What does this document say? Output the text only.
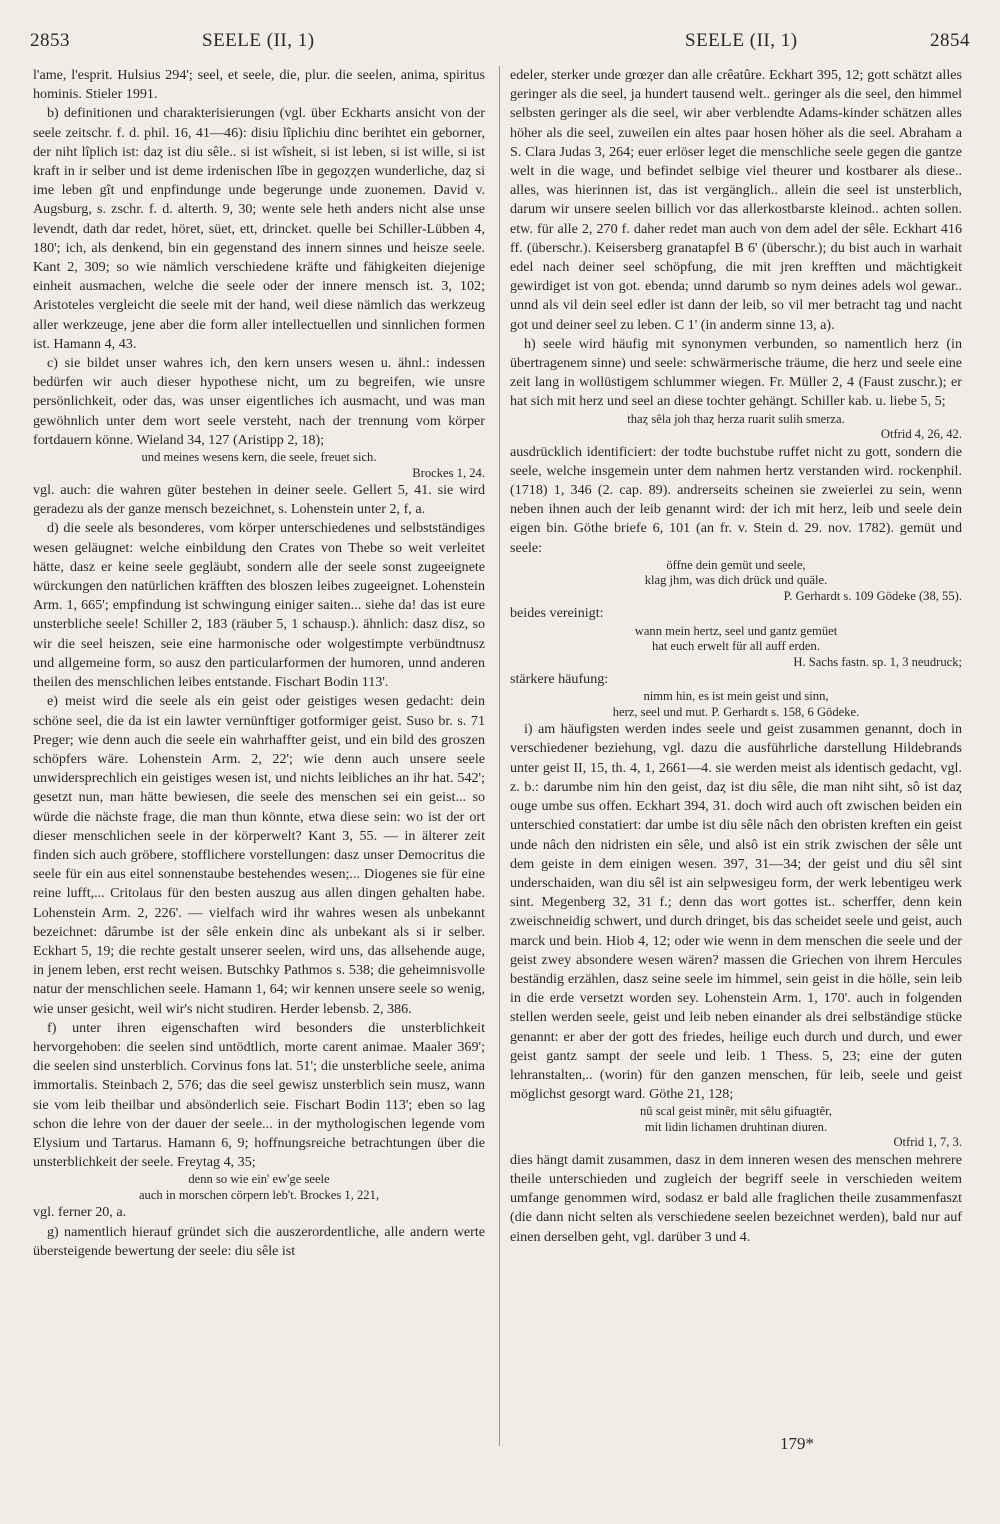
2853	SEELE (II, 1)	SEELE (II, 1)	2854

l'ame, l'esprit. Hulsius 294'; seel, et seele, die, plur. die seelen, anima, spiritus hominis. Stieler 1991.

b) definitionen und charakterisierungen (vgl. über Eckharts ansicht von der seele zeitschr. f. d. phil. 16, 41—46): disiu lîplichiu dinc berihtet ein geborner, der niht lîplich ist: daȥ ist diu sêle.. si ist wîsheit, si ist leben, si ist wille, si ist kraft in ir selber und ist deme irdenischen lîbe in gegoȥȥen wunderliche, daȥ si ime leben gît und enpfindunge unde begerunge unde zuonemen. David v. Augsburg, s. zschr. f. d. alterth. 9, 30; wente sele heth anders nicht alse unse levendt, dath dar redet, höret, süet, ett, drincket. quelle bei Schiller-Lübben 4, 180'; ich, als denkend, bin ein gegenstand des innern sinnes und heisze seele. Kant 2, 309; so wie nämlich verschiedene kräfte und fähigkeiten diejenige einheit ausmachen, welche die seele oder der innere mensch ist. 3, 102; Aristoteles vergleicht die seele mit der hand, weil diese nämlich das werkzeug aller werkzeuge, jene aber die form aller intellectuellen und sinnlichen formen ist. Hamann 4, 43.

c) sie bildet unser wahres ich, den kern unsers wesen u. ähnl.: indessen bedürfen wir auch dieser hypothese nicht, um zu begreifen, wie unsre persönlichkeit, oder das, was unser eigentliches ich ausmacht, und was man gewöhnlich unter dem wort seele versteht, nach der trennung vom körper fortdauern könne. Wieland 34, 127 (Aristipp 2, 18);

und meines wesens kern, die seele, freuet sich.

Brockes 1, 24.

vgl. auch: die wahren güter bestehen in deiner seele. Gellert 5, 41. sie wird geradezu als der ganze mensch bezeichnet, s. Lohenstein unter 2, f, a.

d) die seele als besonderes, vom körper unterschiedenes und selbstständiges wesen geläugnet: welche einbildung den Crates von Thebe so weit verleitet hätte, dasz er keine seele gegläubt, sondern alle der seele sonst zugeeignete würckungen den natürlichen kräfften des bloszen leibes zugeeignet. Lohenstein Arm. 1, 665'; empfindung ist schwingung einiger saiten... siehe da! das ist eure unsterbliche seele! Schiller 2, 183 (räuber 5, 1 schausp.). ähnlich: dasz disz, so wir die seel heiszen, seie eine harmonische oder wolgestimpte verbündtnusz und allgemeine form, so ausz den particularformen der humoren, unnd anderen theilen des menschlichen leibes entstande. Fischart Bodin 113'.

e) meist wird die seele als ein geist oder geistiges wesen gedacht: dein schöne seel, die da ist ein lawter vernünftiger gotformiger geist. Suso br. s. 71 Preger; wie denn auch die seele ein wahrhaffter geist, und ein bild des groszen schöpfers wäre. Lohenstein Arm. 2, 22'; wie denn auch unsere seele unwidersprechlich ein geistiges wesen ist, und nichts leibliches an ihr hat. 542'; gesetzt nun, man hätte bewiesen, die seele des menschen sei ein geist... so würde die nächste frage, die man thun könnte, etwa diese sein: wo ist der ort dieser menschlichen seele in der körperwelt? Kant 3, 55. — in älterer zeit finden sich auch gröbere, stofflichere vorstellungen: dasz unser Democritus die seele für ein aus eitel sonnenstaube bestehendes wesen;... Diogenes sie für eine reine lufft,... Critolaus für den besten auszug aus allen dingen gehalten habe. Lohenstein Arm. 2, 226'. — vielfach wird ihr wahres wesen als unbekannt bezeichnet: dârumbe ist der sêle enkein dinc als unbekant als si ir selber. Eckhart 5, 19; die rechte gestalt unserer seelen, wird uns, das allsehende auge, in jenem leben, erst recht weisen. Butschky Pathmos s. 538; die geheimnisvolle natur der menschlichen seele. Hamann 1, 64; wir kennen unsere seele so wenig, wie unser gesicht, weil wir's nicht studiren. Herder lebensb. 2, 386.

f) unter ihren eigenschaften wird besonders die unsterblichkeit hervorgehoben: die seelen sind untödtlich, morte carent animae. Maaler 369'; die seelen sind unsterblich. Corvinus fons lat. 51'; die unsterbliche seele, anima immortalis. Steinbach 2, 576; das die seel gewisz unsterblich sein musz, wann sie vom leib theilbar und absönderlich seie. Fischart Bodin 113'; eben so lag schon die lehre von der dauer der seele... in der mythologischen legende vom Elysium und Tartarus. Hamann 6, 9; hoffnungsreiche betrachtungen über die unsterblichkeit der seele. Freytag 4, 35;

denn so wie ein' ew'ge seele

auch in morschen cörpern leb't. Brockes 1, 221,

vgl. ferner 20, a.

g) namentlich hierauf gründet sich die auszerordentliche, alle andern werte übersteigende bewertung der seele: diu sêle ist

edeler, sterker unde grœȥer dan alle crêatûre. Eckhart 395, 12; gott schätzt alles geringer als die seel, ja hundert tausend welt.. geringer als die seel, den himmel selbsten geringer als die seel, wir aber verblendte Adams-kinder schätzen alles höher als die seel, zuweilen ein altes paar hosen höher als die seel. Abraham a S. Clara Judas 3, 264; euer erlöser leget die menschliche seele gegen die gantze welt in die wage, und befindet selbige viel theurer und kostbarer als diese.. alles, was hierinnen ist, das ist vergänglich.. allein die seel ist unsterblich, darum wir unsere seelen billich vor das allerkostbarste kleinod.. achten sollen. etw. für alle 2, 270 f. daher redet man auch von dem adel der sêle. Eckhart 416 ff. (überschr.). Keisersberg granatapfel B 6' (überschr.); du bist auch in warhait edel nach deiner seel schöpfung, die mit jren krefften und mächtigkeit gewirdiget ist von got. ebenda; unnd darumb so nym deines adels wol gewar.. unnd als vil dein seel edler ist dann der leib, so vil mer betracht tag und nacht got und deiner seel zu leben. C 1' (in anderm sinne 13, a).

h) seele wird häufig mit synonymen verbunden, so namentlich herz (in übertragenem sinne) und seele: schwärmerische träume, die herz und seele eine zeit lang in wollüstigem schlummer wiegen. Fr. Müller 2, 4 (Faust zuschr.); er hat sich mit herz und seel an diese tochter gehängt. Schiller kab. u. liebe 5, 5;

thaȥ sêla joh thaȥ herza ruarit sulih smerza.

Otfrid 4, 26, 42.

ausdrücklich identificiert: der todte buchstube ruffet nicht zu gott, sondern die seele, welche insgemein unter dem nahmen hertz verstanden wird. rockenphil. (1718) 1, 346 (2. cap. 89). andrerseits scheinen sie zweierlei zu sein, wenn neben ihnen auch der leib genannt wird: der ich mit herz, leib und seele dein eigen bin. Göthe briefe 6, 101 (an fr. v. Stein d. 29. nov. 1782). gemüt und seele:

öffne dein gemüt und seele,

klag jhm, was dich drück und quäle.

P. Gerhardt s. 109 Gödeke (38, 55).

beides vereinigt:

wann mein hertz, seel und gantz gemüet

hat euch erwelt für all auff erden.

H. Sachs fastn. sp. 1, 3 neudruck;

stärkere häufung:

nimm hin, es ist mein geist und sinn,

herz, seel und mut. P. Gerhardt s. 158, 6 Gödeke.

i) am häufigsten werden indes seele und geist zusammen genannt, doch in verschiedener beziehung, vgl. dazu die ausführliche darstellung Hildebrands unter geist II, 15, th. 4, 1, 2661—4. sie werden meist als identisch gedacht, vgl. z. b.: darumbe nim hin den geist, daȥ ist diu sêle, die man niht siht, sô ist daȥ ouge umbe sus offen. Eckhart 394, 31. doch wird auch oft zwischen beiden ein unterschied constatiert: dar umbe ist diu sêle nâch den obristen kreften ein geist unde nâch den nidristen ein sêle, und alsô ist ein strik zwischen der sêle unt dem geiste in dem einigen wesen. 397, 31—34; der geist und diu sêl sint underschaiden, wan diu sêl ist ain selpwesigeu form, der werk lebentigeu werk sint. Megenberg 32, 31 f.; denn das wort gottes ist.. scherffer, denn kein zweischneidig schwert, und durch dringet, bis das scheidet seele und geist, auch marck und bein. Hiob 4, 12; oder wie wenn in dem menschen die seele und der geist zwey absondere wesen wären? massen die Griechen von ihrem Hercules beständig erzählen, dasz seine seele im himmel, sein geist in die hölle, sein leib in die erde versetzt worden sey. Lohenstein Arm. 1, 170'. auch in folgenden stellen werden seele, geist und leib neben einander als drei selbständige stücke genannt: er aber der gott des friedes, heilige euch durch und durch, und ewer geist gantz sampt der seele und leib. 1 Thess. 5, 23; eine der guten lehranstalten,.. (worin) für den ganzen menschen, für leib, seele und geist möglichst gesorgt ward. Göthe 21, 128;

nû scal geist minêr, mit sêlu gifuagtêr,

mit lidin lichamen druhtinan diuren.

Otfrid 1, 7, 3.

dies hängt damit zusammen, dasz in dem inneren wesen des menschen mehrere theile unterschieden und zugleich der begriff seele in verschieden weitem umfange genommen wird, sodasz er bald alle fraglichen theile zusammenfaszt (die dann nicht selten als verschiedene seelen bezeichnet werden), bald nur auf einen derselben geht, vgl. darüber 3 und 4.

179*
